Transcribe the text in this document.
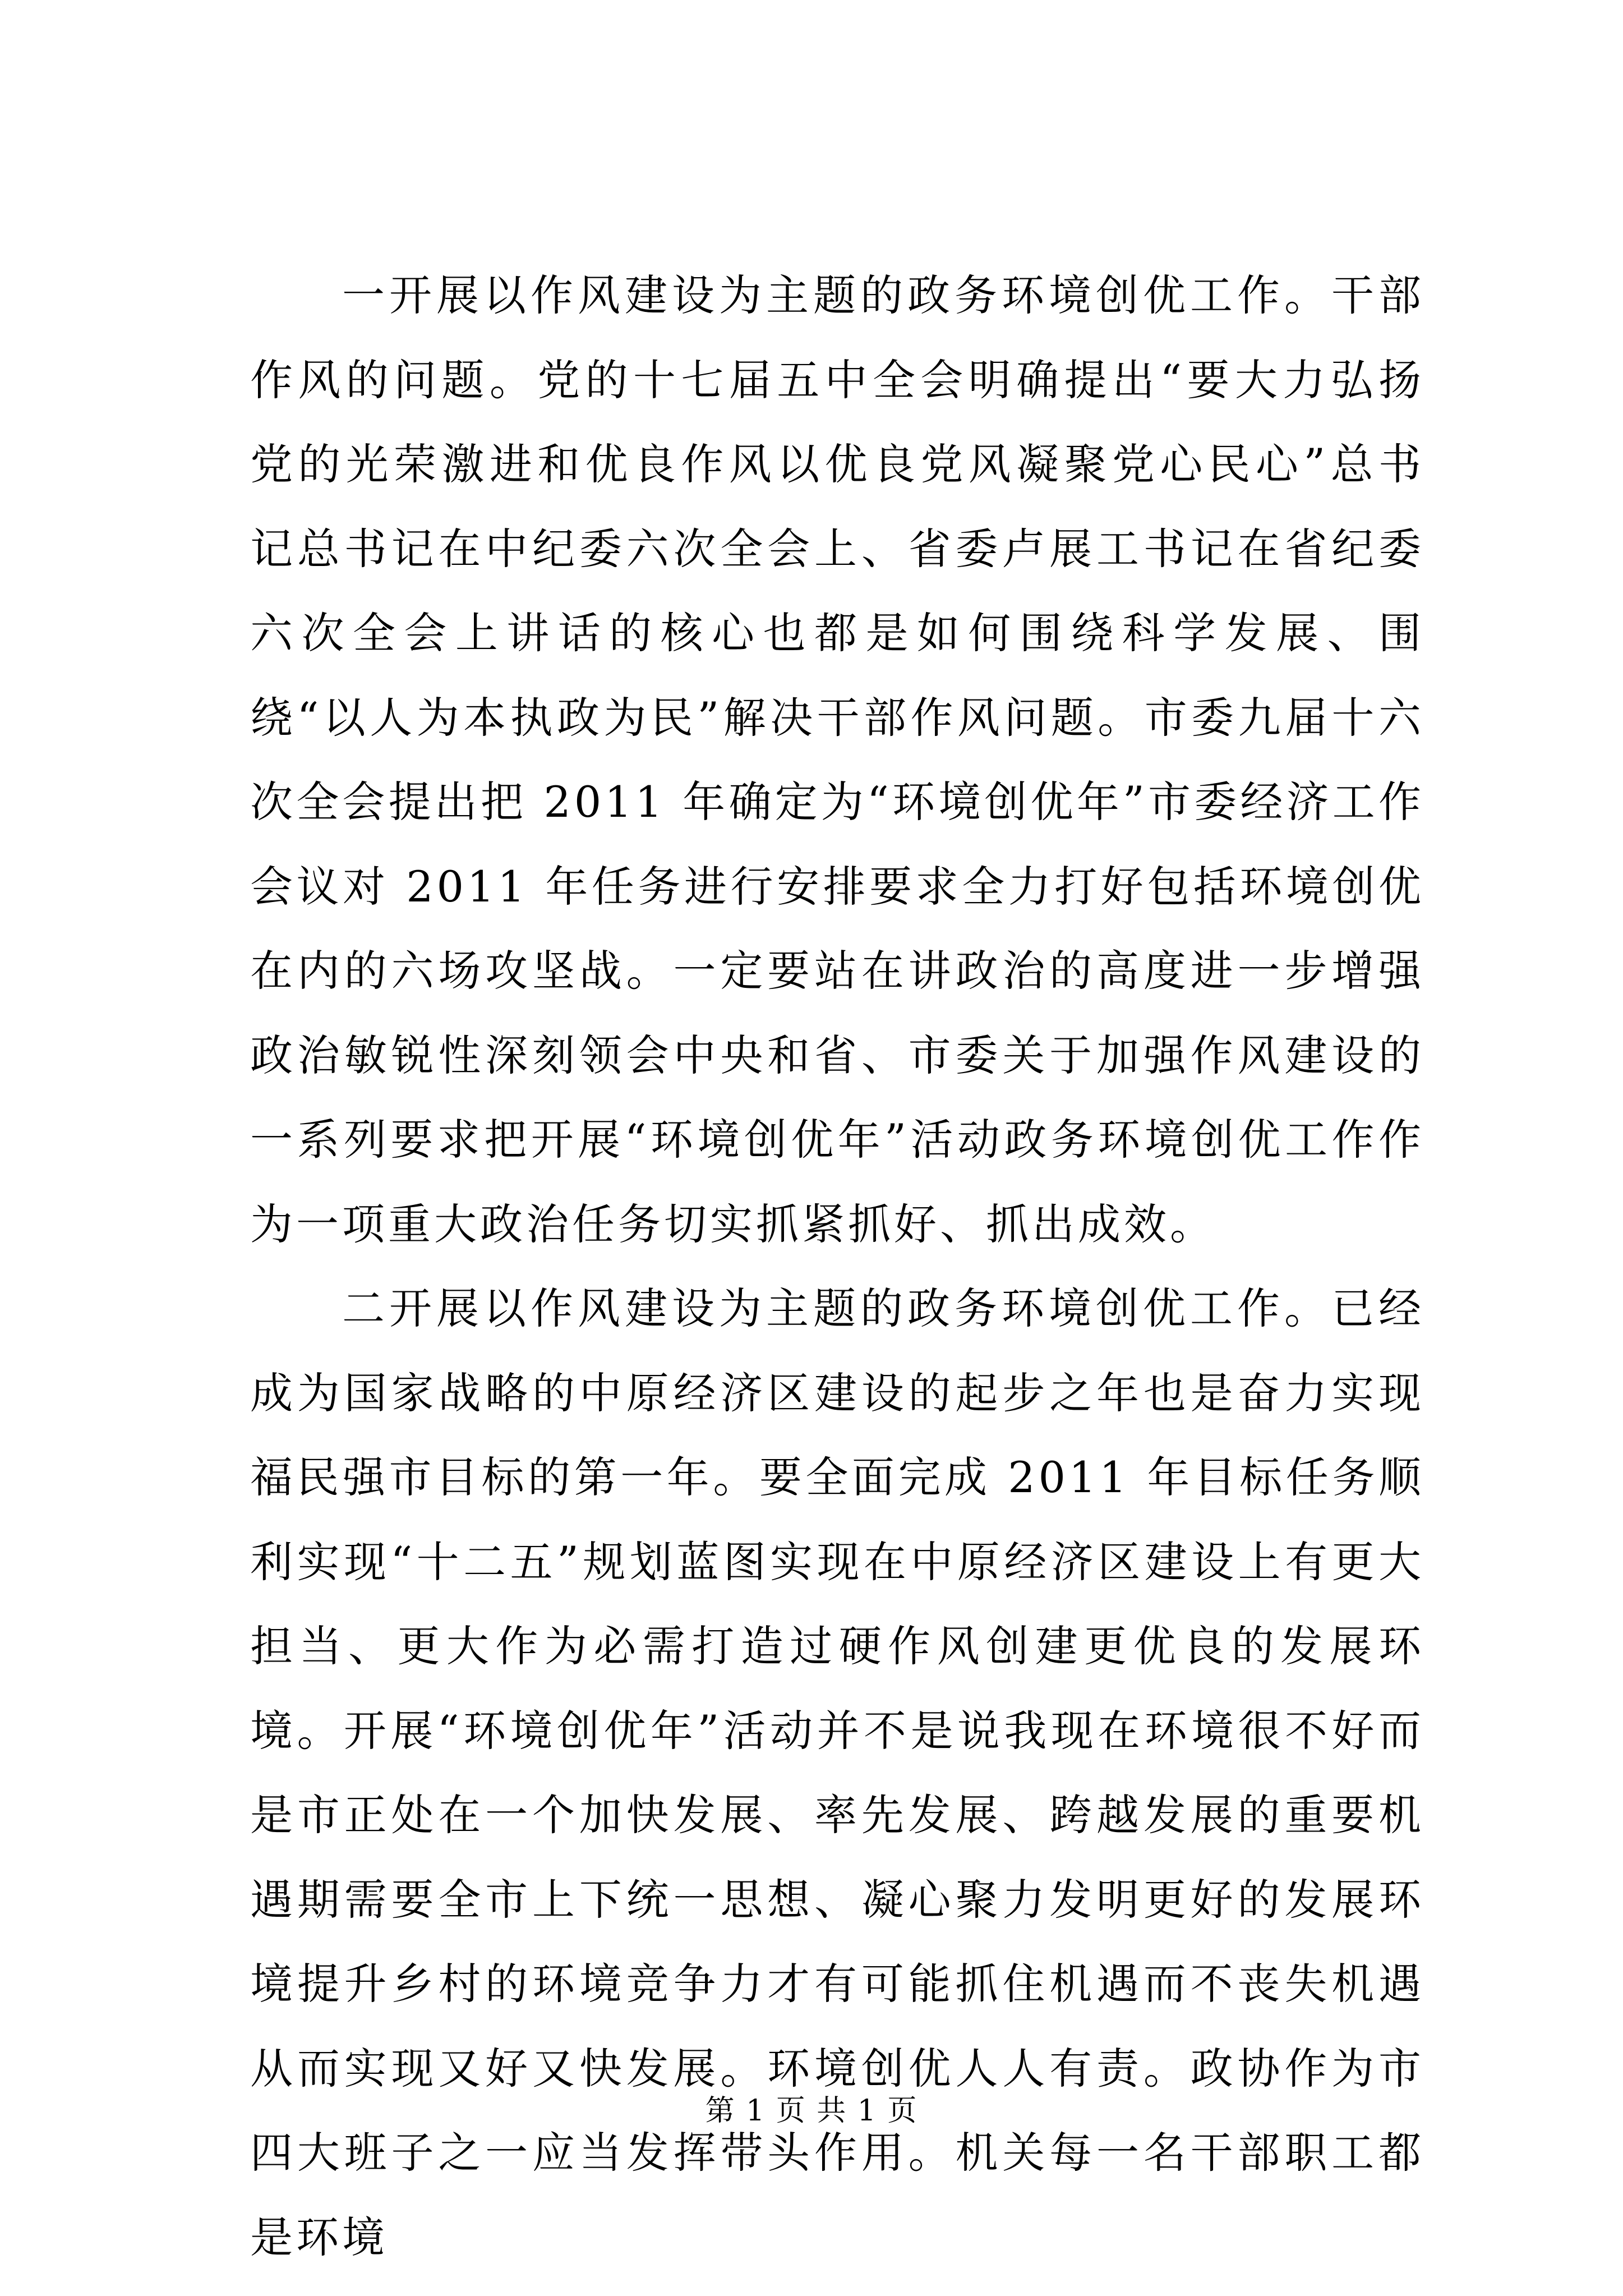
一开展以作风建设为主题的政务环境创优工作。干部作风的问题。党的十七届五中全会明确提出“要大力弘扬党的光荣激进和优良作风以优良党风凝聚党心民心”总书记总书记在中纪委六次全会上、省委卢展工书记在省纪委六次全会上讲话的核心也都是如何围绕科学发展、围绕“以人为本执政为民”解决干部作风问题。市委九届十六次全会提出把 2011 年确定为“环境创优年”市委经济工作会议对 2011 年任务进行安排要求全力打好包括环境创优在内的六场攻坚战。一定要站在讲政治的高度进一步增强政治敏锐性深刻领会中央和省、市委关于加强作风建设的一系列要求把开展“环境创优年”活动政务环境创优工作作为一项重大政治任务切实抓紧抓好、抓出成效。

二开展以作风建设为主题的政务环境创优工作。已经成为国家战略的中原经济区建设的起步之年也是奋力实现福民强市目标的第一年。要全面完成 2011 年目标任务顺利实现“十二五”规划蓝图实现在中原经济区建设上有更大担当、更大作为必需打造过硬作风创建更优良的发展环境。开展“环境创优年”活动并不是说我现在环境很不好而是市正处在一个加快发展、率先发展、跨越发展的重要机遇期需要全市上下统一思想、凝心聚力发明更好的发展环境提升乡村的环境竞争力才有可能抓住机遇而不丧失机遇从而实现又好又快发展。环境创优人人有责。政协作为市四大班子之一应当发挥带头作用。机关每一名干部职工都是环境

第 1 页 共 1 页
